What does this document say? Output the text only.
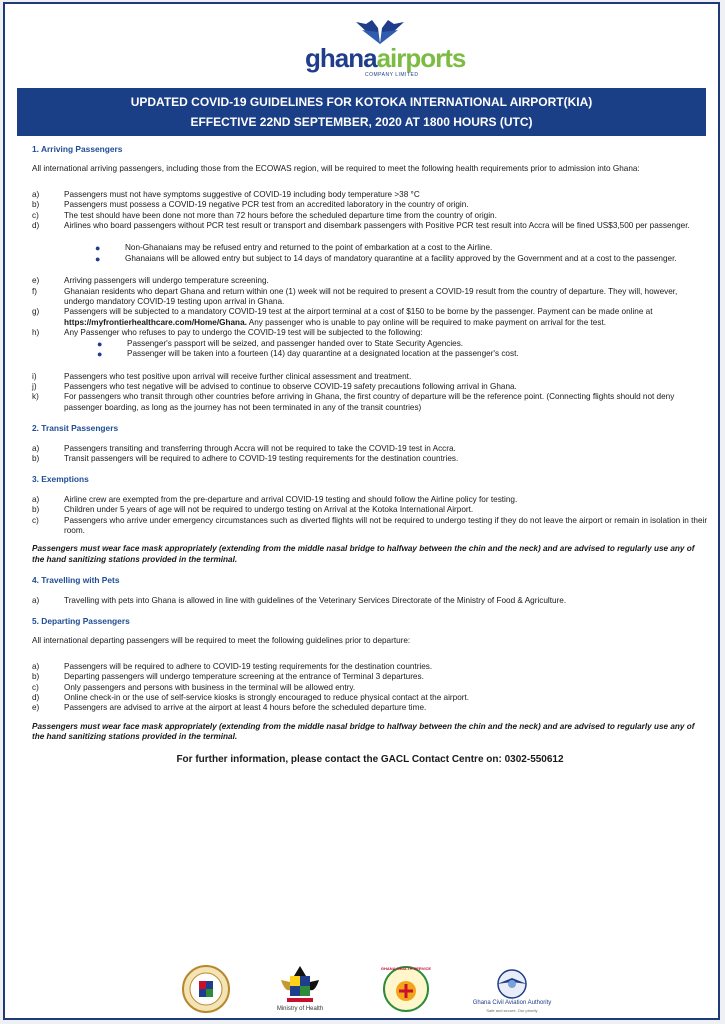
ghanaairports
COMPANY LIMITED
UPDATED COVID-19 GUIDELINES FOR KOTOKA INTERNATIONAL AIRPORT(KIA)
EFFECTIVE 22ND SEPTEMBER, 2020 AT 1800 HOURS (UTC)
1. Arriving Passengers
All international arriving passengers, including those from the ECOWAS region, will be required to meet the following health requirements prior to admission into Ghana:
a)	Passengers must not have symptoms suggestive of COVID-19 including body temperature >38 °C
b)	Passengers must possess a COVID-19 negative PCR test from an accredited laboratory in the country of origin.
c)	The test should have been done not more than 72 hours before the scheduled departure time from the country of origin.
d)	Airlines who board passengers without PCR test result or transport and disembark passengers with Positive PCR test result into Accra will be fined US$3,500 per passenger.
●	Non-Ghanaians may be refused entry and returned to the point of embarkation at a cost to the Airline.
●	Ghanaians will be allowed entry but subject to 14 days of mandatory quarantine at a facility approved by the Government and at a cost to the passenger.
e)	Arriving passengers will undergo temperature screening.
f)	Ghanaian residents who depart Ghana and return within one (1) week will not be required to present a COVID-19 result from the country of departure. They will, however, undergo mandatory COVID-19 testing upon arrival in Ghana.
g)	Passengers will be subjected to a mandatory COVID-19 test at the airport terminal at a cost of $150 to be borne by the passenger. Payment can be made online at https://myfrontierhealthcare.com/Home/Ghana. Any passenger who is unable to pay online will be required to make payment on arrival for the test.
h)	Any Passenger who refuses to pay to undergo the COVID-19 test will be subjected to the following:
●	Passenger's passport will be seized, and passenger handed over to State Security Agencies.
●	Passenger will be taken into a fourteen (14) day quarantine at a designated location at the passenger's cost.
i)	Passengers who test positive upon arrival will receive further clinical assessment and treatment.
j)	Passengers who test negative will be advised to continue to observe COVID-19 safety precautions following arrival in Ghana.
k)	For passengers who transit through other countries before arriving in Ghana, the first country of departure will be the reference point. (Connecting flights should not deny passenger boarding, as long as the journey has not been terminated in any of the transit countries)
2. Transit Passengers
a)	Passengers transiting and transferring through Accra will not be required to take the COVID-19 test in Accra.
b)	Transit passengers will be required to adhere to COVID-19 testing requirements for the destination countries.
3. Exemptions
a)	Airline crew are exempted from the pre-departure and arrival COVID-19 testing and should follow the Airline policy for testing.
b)	Children under 5 years of age will not be required to undergo testing on Arrival at the Kotoka International Airport.
c)	Passengers who arrive under emergency circumstances such as diverted flights will not be required to undergo testing if they do not leave the airport or remain in isolation in their room.
Passengers must wear face mask appropriately (extending from the middle nasal bridge to halfway between the chin and the neck) and are advised to regularly use any of the hand sanitizing stations provided in the terminal.
4. Travelling with Pets
a)	Travelling with pets into Ghana is allowed in line with guidelines of the Veterinary Services Directorate of the Ministry of Food & Agriculture.
5. Departing Passengers
All international departing passengers will be required to meet the following guidelines prior to departure:
a)	Passengers will be required to adhere to COVID-19 testing requirements for the destination countries.
b)	Departing passengers will undergo temperature screening at the entrance of Terminal 3 departures.
c)	Only passengers and persons with business in the terminal will be allowed entry.
d)	Online check-in or the use of self-service kiosks is strongly encouraged to reduce physical contact at the airport.
e)	Passengers are advised to arrive at the airport at least 4 hours before the scheduled departure time.
Passengers must wear face mask appropriately (extending from the middle nasal bridge to halfway between the chin and the neck) and are advised to regularly use any of the hand sanitizing stations provided in the terminal.
For further information, please contact the GACL Contact Centre on: 0302-550612
Ministry of Health
GHANA HEALTH SERVICE
Ghana Civil Aviation Authority
Safe and secure. Our priority
